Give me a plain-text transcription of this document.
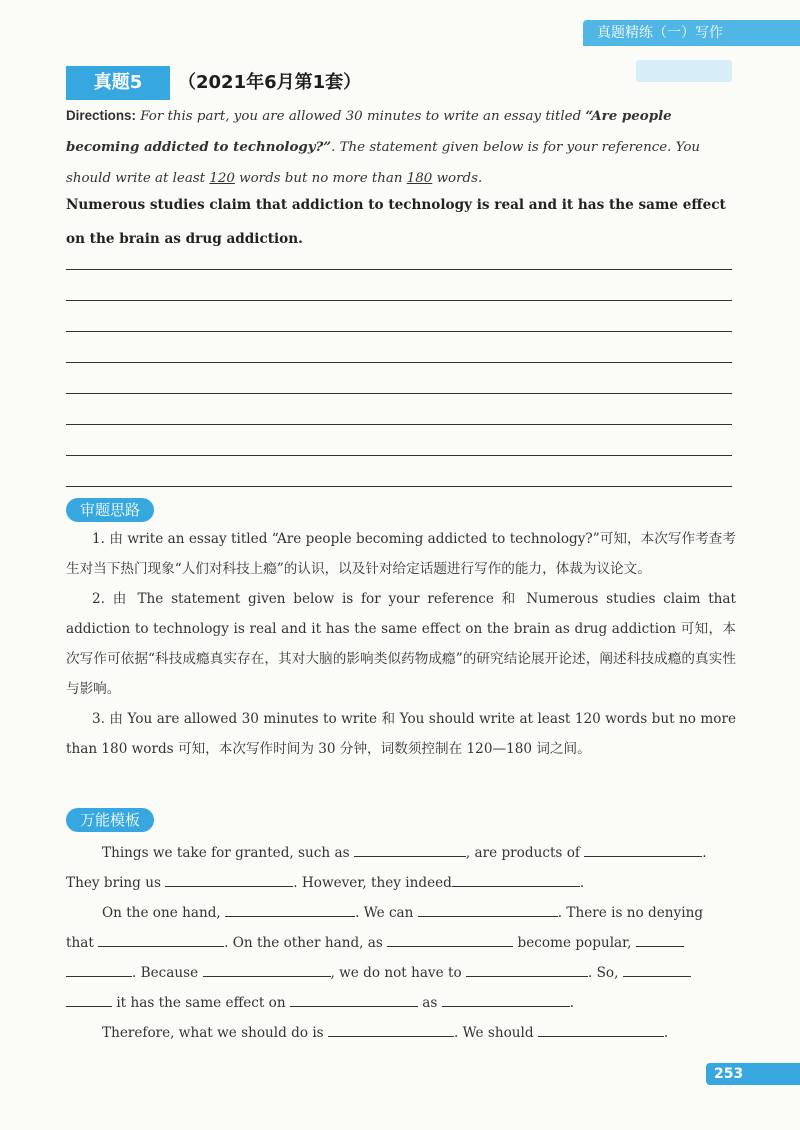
真题精练（一）写作
真题5	（2021年6月第1套）
Directions: For this part, you are allowed 30 minutes to write an essay titled “Are people becoming addicted to technology?”. The statement given below is for your reference. You should write at least 120 words but no more than 180 words.
Numerous studies claim that addiction to technology is real and it has the same effect on the brain as drug addiction.
审题思路

1. 由 write an essay titled “Are people becoming addicted to technology?”可知，本次写作考查考生对当下热门现象“人们对科技上瘾”的认识，以及针对给定话题进行写作的能力，体裁为议论文。

2. 由 The statement given below is for your reference 和 Numerous studies claim that addiction to technology is real and it has the same effect on the brain as drug addiction 可知，本次写作可依据“科技成瘾真实存在，其对大脑的影响类似药物成瘾”的研究结论展开论述，阐述科技成瘾的真实性与影响。

3. 由 You are allowed 30 minutes to write 和 You should write at least 120 words but no more than 180 words 可知，本次写作时间为 30 分钟，词数须控制在 120—180 词之间。

万能模板
Things we take for granted, such as	, are products of	.
They bring us	. However, they indeed	.
On the one hand,	. We can	. There is no denying
that	. On the other hand, as	become popular,
. Because	, we do not have to	. So,
it has the same effect on	as	.
Therefore, what we should do is	. We should	.
253
